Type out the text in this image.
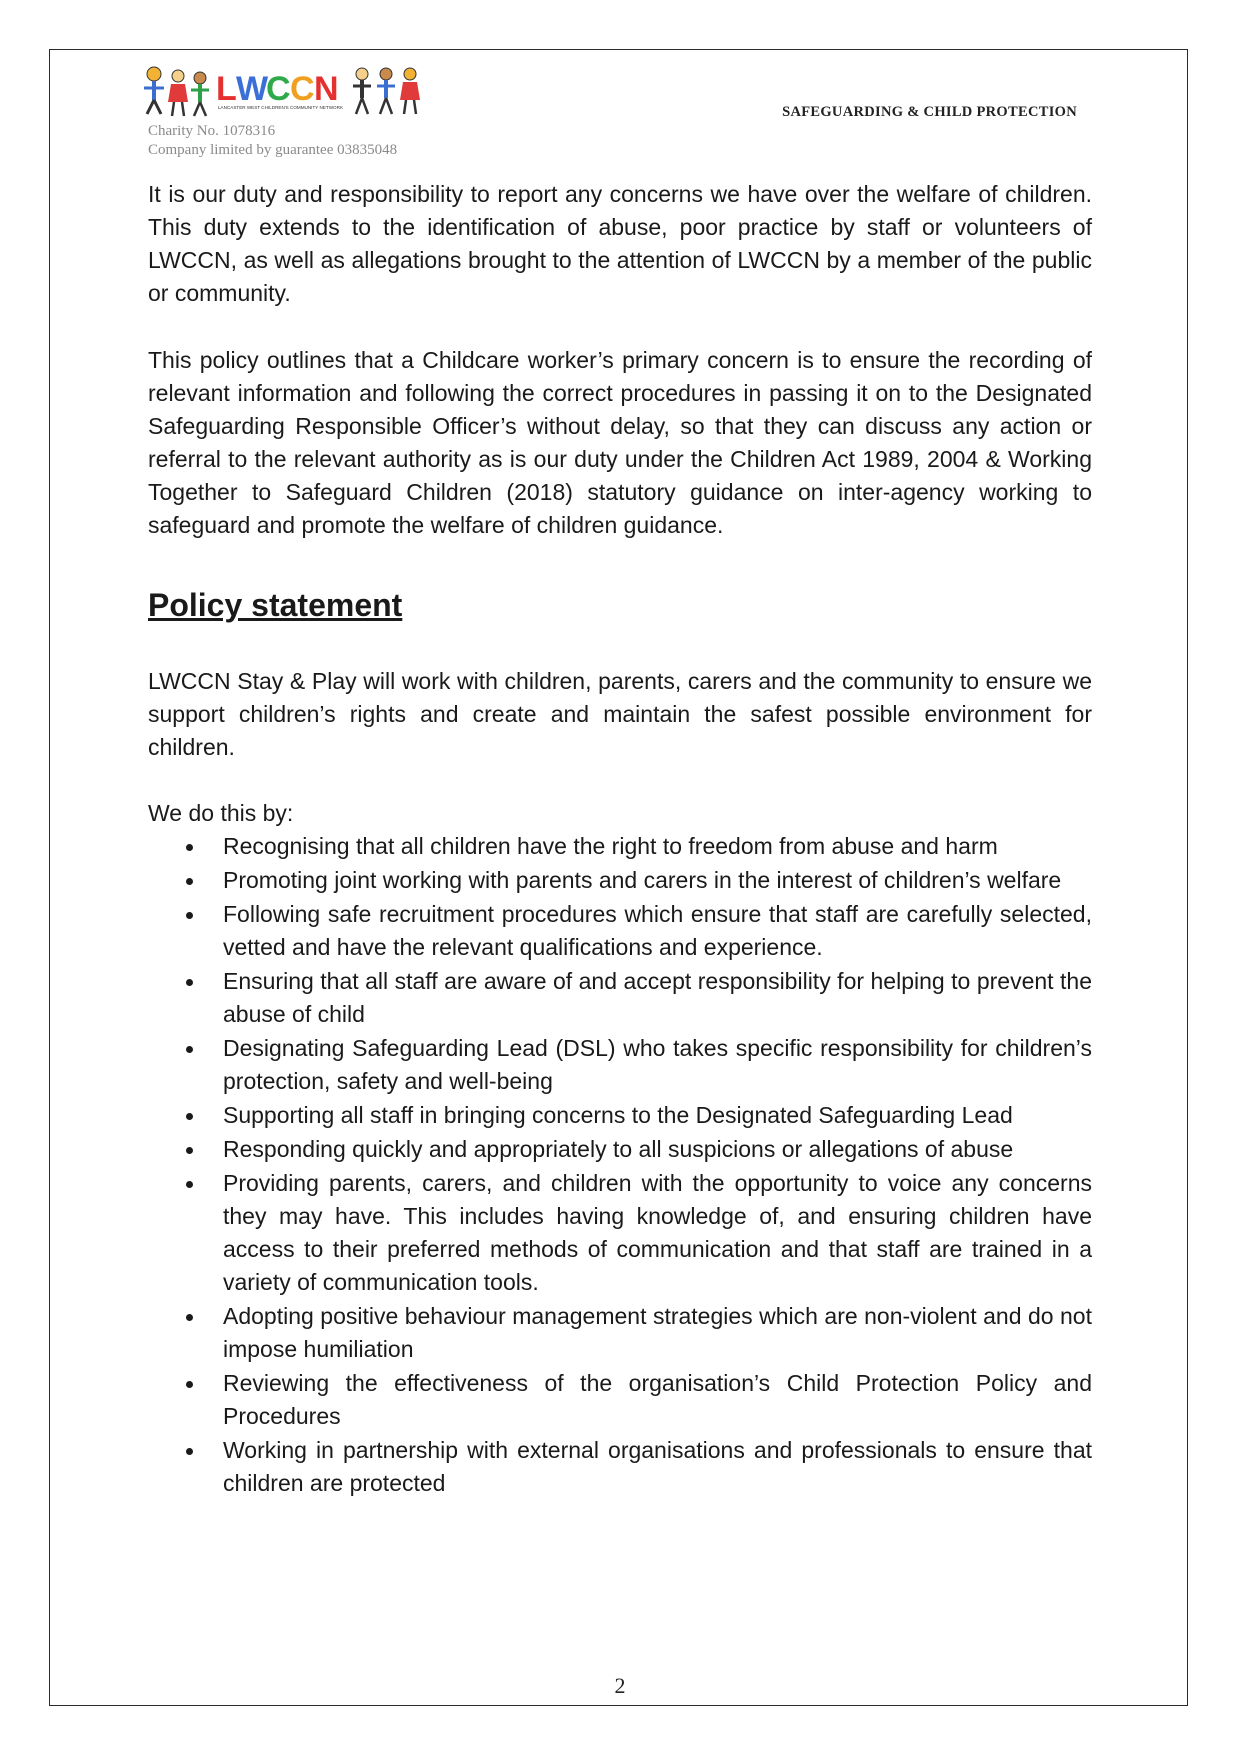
L W
C C N
LANCASTER WEST CHILDREN'S COMMUNITY NETWORK
Charity No. 1078316
Company limited by guarantee 03835048
SAFEGUARDING & CHILD PROTECTION

It is our duty and responsibility to report any concerns we have over the welfare of children. This duty extends to the identification of abuse, poor practice by staff or volunteers of LWCCN, as well as allegations brought to the attention of LWCCN by a member of the public or community.

This policy outlines that a Childcare worker’s primary concern is to ensure the recording of relevant information and following the correct procedures in passing it on to the Designated Safeguarding Responsible Officer’s without delay, so that they can discuss any action or referral to the relevant authority as is our duty under the Children Act 1989, 2004 & Working Together to Safeguard Children (2018) statutory guidance on inter-agency working to safeguard and promote the welfare of children guidance.

Policy statement

LWCCN Stay & Play will work with children, parents, carers and the community to ensure we support children’s rights and create and maintain the safest possible environment for children.

We do this by:

Recognising that all children have the right to freedom from abuse and harm
Promoting joint working with parents and carers in the interest of children’s welfare
Following safe recruitment procedures which ensure that staff are carefully selected, vetted and have the relevant qualifications and experience.
Ensuring that all staff are aware of and accept responsibility for helping to prevent the abuse of child
Designating Safeguarding Lead (DSL) who takes specific responsibility for children’s protection, safety and well-being
Supporting all staff in bringing concerns to the Designated Safeguarding Lead
Responding quickly and appropriately to all suspicions or allegations of abuse
Providing parents, carers, and children with the opportunity to voice any concerns they may have. This includes having knowledge of, and ensuring children have access to their preferred methods of communication and that staff are trained in a variety of communication tools.
Adopting positive behaviour management strategies which are non-violent and do not impose humiliation
Reviewing the effectiveness of the organisation’s Child Protection Policy and Procedures
Working in partnership with external organisations and professionals to ensure that children are protected
2
